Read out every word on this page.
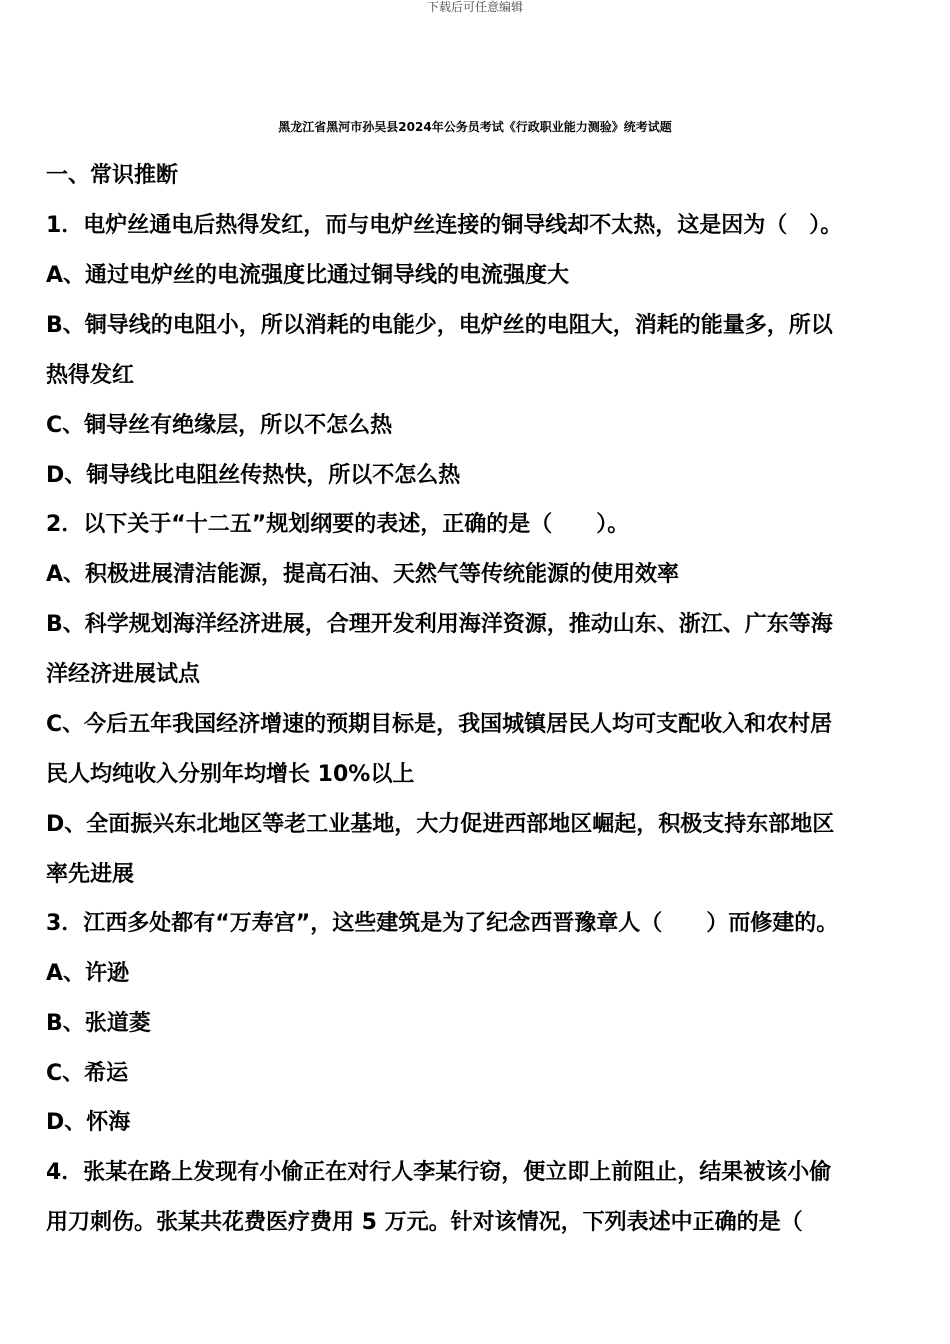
下载后可任意编辑
黑龙江省黑河市孙吴县2024年公务员考试《行政职业能力测验》统考试题
一、常识推断
1．电炉丝通电后热得发红，而与电炉丝连接的铜导线却不太热，这是因为（　）。
A、通过电炉丝的电流强度比通过铜导线的电流强度大
B、铜导线的电阻小，所以消耗的电能少，电炉丝的电阻大，消耗的能量多，所以
热得发红
C、铜导丝有绝缘层，所以不怎么热
D、铜导线比电阻丝传热快，所以不怎么热
2．以下关于“十二五”规划纲要的表述，正确的是（　　）。
A、积极进展清洁能源，提高石油、天然气等传统能源的使用效率
B、科学规划海洋经济进展，合理开发利用海洋资源，推动山东、浙江、广东等海
洋经济进展试点
C、今后五年我国经济增速的预期目标是，我国城镇居民人均可支配收入和农村居
民人均纯收入分别年均增长 10%以上
D、全面振兴东北地区等老工业基地，大力促进西部地区崛起，积极支持东部地区
率先进展
3．江西多处都有“万寿宫”，这些建筑是为了纪念西晋豫章人（　　）而修建的。
A、许逊
B、张道菱
C、希运
D、怀海
4．张某在路上发现有小偷正在对行人李某行窃，便立即上前阻止，结果被该小偷
用刀刺伤。张某共花费医疗费用 5 万元。针对该情况，下列表述中正确的是（
